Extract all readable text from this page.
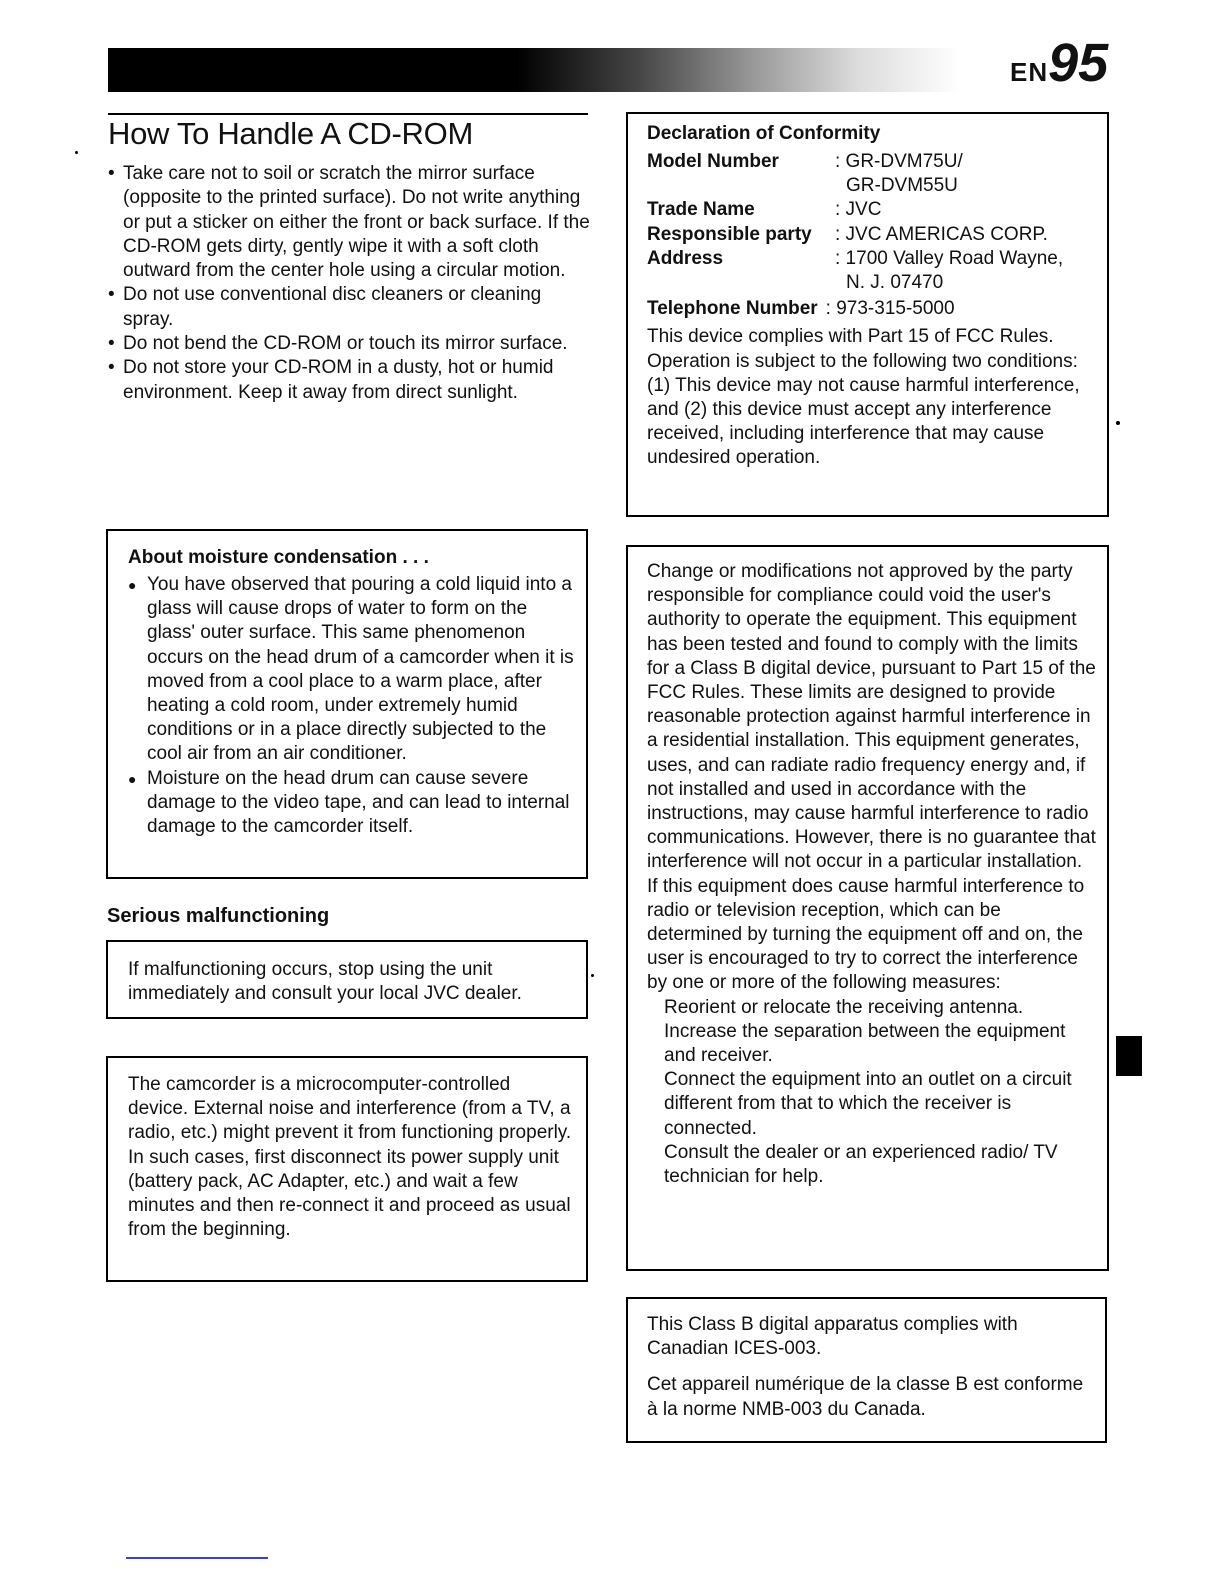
EN 95
How To Handle A CD-ROM
• Take care not to soil or scratch the mirror surface (opposite to the printed surface). Do not write anything or put a sticker on either the front or back surface. If the CD-ROM gets dirty, gently wipe it with a soft cloth outward from the center hole using a circular motion.
• Do not use conventional disc cleaners or cleaning spray.
• Do not bend the CD-ROM or touch its mirror surface.
• Do not store your CD-ROM in a dusty, hot or humid environment. Keep it away from direct sunlight.
About moisture condensation . . .
● You have observed that pouring a cold liquid into a glass will cause drops of water to form on the glass' outer surface. This same phenomenon occurs on the head drum of a camcorder when it is moved from a cool place to a warm place, after heating a cold room, under extremely humid conditions or in a place directly subjected to the cool air from an air conditioner.
● Moisture on the head drum can cause severe damage to the video tape, and can lead to internal damage to the camcorder itself.
Serious malfunctioning

If malfunctioning occurs, stop using the unit immediately and consult your local JVC dealer.

The camcorder is a microcomputer-controlled device. External noise and interference (from a TV, a radio, etc.) might prevent it from functioning properly. In such cases, first disconnect its power supply unit (battery pack, AC Adapter, etc.) and wait a few minutes and then re-connect it and proceed as usual from the beginning.

Declaration of Conformity
Model Number	: GR-DVM75U/
GR-DVM55U
Trade Name	: JVC
Responsible party	: JVC AMERICAS CORP.
Address	: 1700 Valley Road Wayne,
N. J. 07470
Telephone Number : 973-315-5000

This device complies with Part 15 of FCC Rules. Operation is subject to the following two conditions:

(1) This device may not cause harmful interference, and (2) this device must accept any interference received, including interference that may cause undesired operation.

Change or modifications not approved by the party responsible for compliance could void the user's authority to operate the equipment. This equipment has been tested and found to comply with the limits for a Class B digital device, pursuant to Part 15 of the FCC Rules. These limits are designed to provide reasonable protection against harmful interference in a residential installation. This equipment generates, uses, and can radiate radio frequency energy and, if not installed and used in accordance with the instructions, may cause harmful interference to radio communications. However, there is no guarantee that interference will not occur in a particular installation. If this equipment does cause harmful interference to radio or television reception, which can be determined by turning the equipment off and on, the user is encouraged to try to correct the interference by one or more of the following measures:

Reorient or relocate the receiving antenna.
Increase the separation between the equipment and receiver.
Connect the equipment into an outlet on a circuit different from that to which the receiver is connected.
Consult the dealer or an experienced radio/ TV technician for help.

This Class B digital apparatus complies with Canadian ICES-003.

Cet appareil numérique de la classe B est conforme à la norme NMB-003 du Canada.
